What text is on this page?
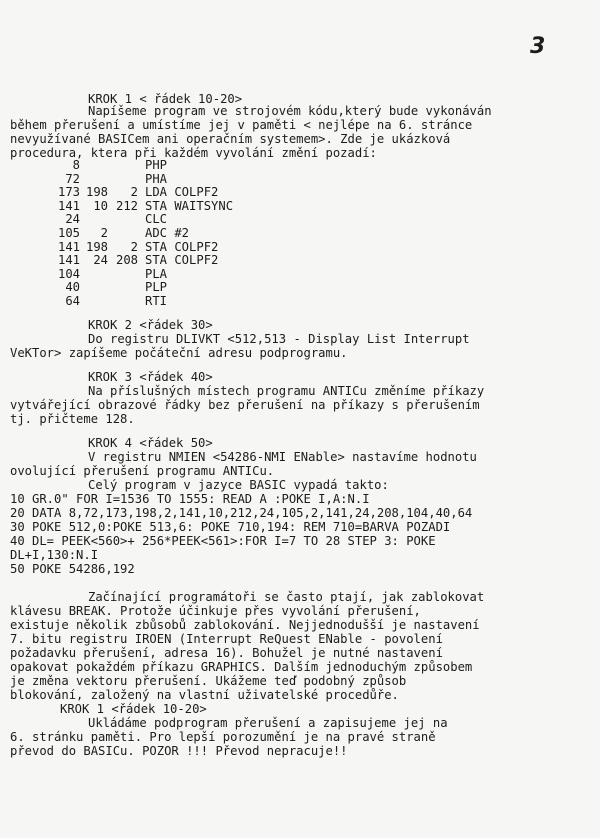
3
KROK 1 < řádek 10-20>
Napíšeme program ve strojovém kódu,který bude vykonáván
během přerušení a umístíme jej v paměti < nejlépe na 6. stránce
nevyužívané BASICem ani operačním systemem>. Zde je ukázková
procedura, ktera při každém vyvolání změní pozadí:
8	PHP
72	PHA
173 198 2 LDA COLPF2
141 10 212 STA WAITSYNC
24	CLC
105 2	ADC #2
141 198 2 STA COLPF2
141 24 208 STA COLPF2
104	PLA
40	PLP
64	RTI
KROK 2 <řádek 30>
Do registru DLIVKT <512,513 - Display List Interrupt
VeKTor> zapíšeme počáteční adresu podprogramu.
KROK 3 <řádek 40>
Na příslušných místech programu ANTICu změníme příkazy
vytvářející obrazové řádky bez přerušení na příkazy s přerušením
tj. přičteme 128.
KROK 4 <řádek 50>
V registru NMIEN <54286-NMI ENable> nastavíme hodnotu
ovolující přerušení programu ANTICu.
Celý program v jazyce BASIC vypadá takto:
10 GR.0" FOR I=1536 TO 1555: READ A :POKE I,A:N.I
20 DATA 8,72,173,198,2,141,10,212,24,105,2,141,24,208,104,40,64
30 POKE 512,0:POKE 513,6: POKE 710,194: REM 710=BARVA POZADI
40 DL= PEEK<560>+ 256*PEEK<561>:FOR I=7 TO 28 STEP 3: POKE
DL+I,130:N.I
50 POKE 54286,192
Začínající programátoři se často ptají, jak zablokovat
klávesu BREAK. Protože účinkuje přes vyvolání přerušení,
existuje několik zbůsobů zablokování. Nejjednodušší je nastavení
7. bitu registru IROEN (Interrupt ReQuest ENable - povolení
požadavku přerušení, adresa 16). Bohužel je nutné nastavení
opakovat pokaždém příkazu GRAPHICS. Dalším jednoduchým způsobem
je změna vektoru přerušení. Ukážeme teď podobný způsob
blokování, založený na vlastní uživatelské procedůře.
KROK 1 <řádek 10-20>
Ukládáme podprogram přerušení a zapisujeme jej na
6. stránku paměti. Pro lepší porozumění je na pravé straně
převod do BASICu. POZOR !!! Převod nepracuje!!
